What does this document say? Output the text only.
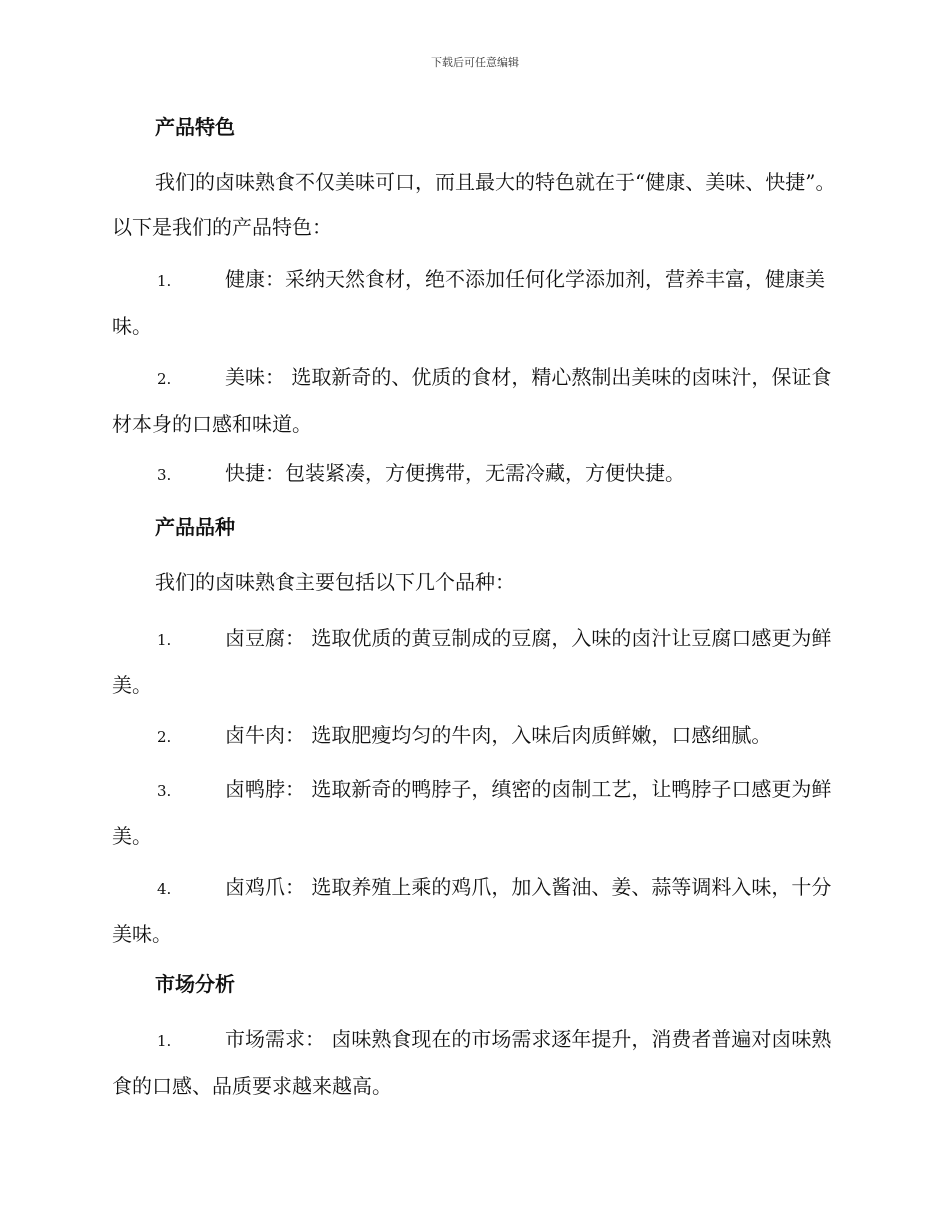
下载后可任意编辑
产品特色
我们的卤味熟食不仅美味可口，而且最大的特色就在于“健康、美味、快捷”。以下是我们的产品特色：
1.	健康：采纳天然食材，绝不添加任何化学添加剂，营养丰富，健康美味。
2.	美味： 选取新奇的、优质的食材，精心熬制出美味的卤味汁，保证食材本身的口感和味道。
3.	快捷：包装紧凑，方便携带，无需冷藏，方便快捷。
产品品种
我们的卤味熟食主要包括以下几个品种：
1.	卤豆腐： 选取优质的黄豆制成的豆腐，入味的卤汁让豆腐口感更为鲜美。
2.	卤牛肉： 选取肥瘦均匀的牛肉，入味后肉质鲜嫩，口感细腻。
3.	卤鸭脖： 选取新奇的鸭脖子，缜密的卤制工艺，让鸭脖子口感更为鲜美。
4.	卤鸡爪： 选取养殖上乘的鸡爪，加入酱油、姜、蒜等调料入味，十分美味。
市场分析
1.	市场需求： 卤味熟食现在的市场需求逐年提升，消费者普遍对卤味熟食的口感、品质要求越来越高。
